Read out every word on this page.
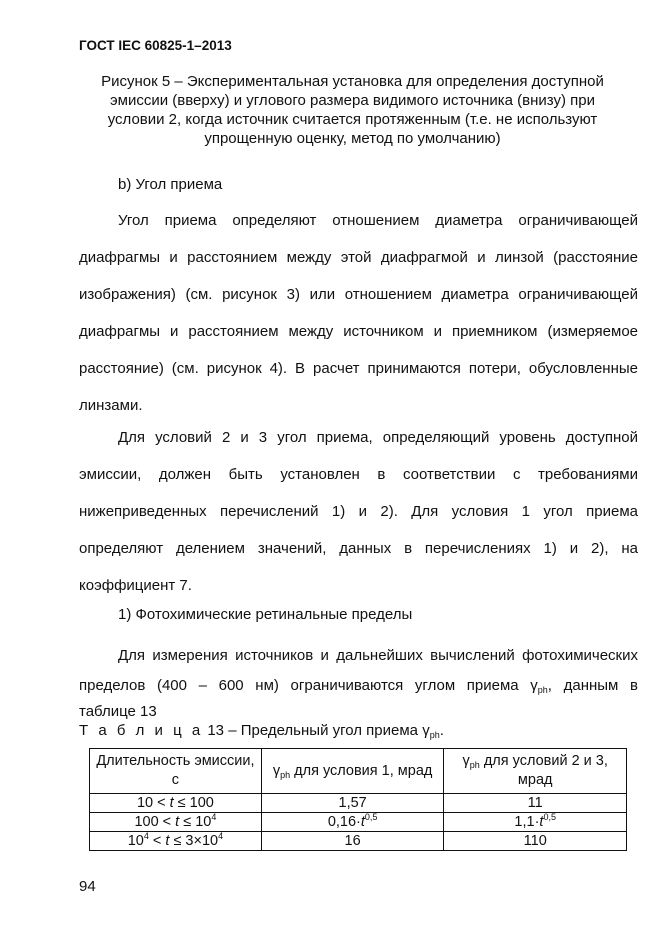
ГОСТ IEC 60825-1–2013
Рисунок 5 – Экспериментальная установка для определения доступной эмиссии (вверху) и углового размера видимого источника (внизу) при условии 2, когда источник считается протяженным (т.е. не используют упрощенную оценку, метод по умолчанию)
b) Угол приема
Угол приема определяют отношением диаметра ограничивающей
диафрагмы и расстоянием между этой диафрагмой и линзой (расстояние
изображения) (см. рисунок 3) или отношением диаметра ограничивающей
диафрагмы и расстоянием между источником и приемником (измеряемое
расстояние) (см. рисунок 4). В расчет принимаются потери, обусловленные
линзами.
Для условий 2 и 3 угол приема, определяющий уровень доступной
эмиссии, должен быть установлен в соответствии с требованиями
нижеприведенных перечислений 1) и 2). Для условия 1 угол приема
определяют делением значений, данных в перечислениях 1) и 2), на
коэффициент 7.
1) Фотохимические ретинальные пределы
Для измерения источников и дальнейших вычислений фотохимических
пределов (400 – 600 нм) ограничиваются углом приема $\gamma_{ph}$, данным в
таблице 13
Т а б л и ц а 13 – Предельный угол приема $\gamma_{ph}$.
Длительность эмиссии, с	$\gamma_{ph}$ для условия 1, мрад	$\gamma_{ph}$ для условий 2 и 3, мрад
10 < t ≤ 100	1,57	11
$100 < t \le 10^4$	$0,16\cdot t^{0,5}$	$1,1\cdot t^{0,5}$
$10^4 < t \le 3\times 10^4$	16	110
94
